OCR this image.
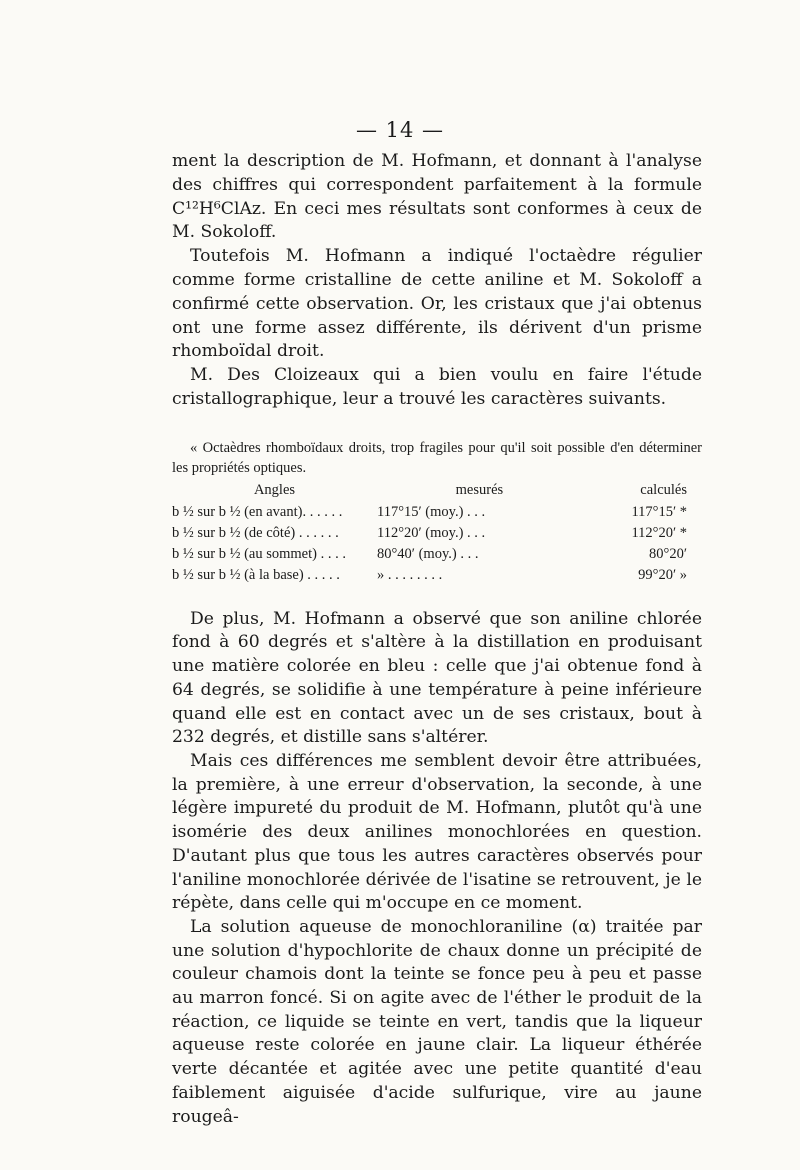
— 14 —

ment la description de M. Hofmann, et donnant à l'analyse des chiffres qui correspondent parfaitement à la formule C¹²H⁶ClAz. En ceci mes résultats sont conformes à ceux de M. Sokoloff.

Toutefois M. Hofmann a indiqué l'octaèdre régulier comme forme cristalline de cette aniline et M. Sokoloff a confirmé cette observation. Or, les cristaux que j'ai obtenus ont une forme assez différente, ils dérivent d'un prisme rhomboïdal droit.

M. Des Cloizeaux qui a bien voulu en faire l'étude cristallographique, leur a trouvé les caractères suivants.

« Octaèdres rhomboïdaux droits, trop fragiles pour qu'il soit possible d'en déterminer les propriétés optiques.

Angles	mesurés	calculés
b ½ sur b ½ (en avant). . . . . .	117°15′ (moy.) . . .	117°15′ *
b ½ sur b ½ (de côté) . . . . . .	112°20′ (moy.) . . .	112°20′ *
b ½ sur b ½ (au sommet) . . . .	80°40′ (moy.) . . .	80°20′
b ½ sur b ½ (à la base) . . . . .	» . . . . . . . .	99°20′ »

De plus, M. Hofmann a observé que son aniline chlorée fond à 60 degrés et s'altère à la distillation en produisant une matière colorée en bleu : celle que j'ai obtenue fond à 64 degrés, se solidifie à une température à peine inférieure quand elle est en contact avec un de ses cristaux, bout à 232 degrés, et distille sans s'altérer.

Mais ces différences me semblent devoir être attribuées, la première, à une erreur d'observation, la seconde, à une légère impureté du produit de M. Hofmann, plutôt qu'à une isomérie des deux anilines monochlorées en question. D'autant plus que tous les autres caractères observés pour l'aniline monochlorée dérivée de l'isatine se retrouvent, je le répète, dans celle qui m'occupe en ce moment.

La solution aqueuse de monochloraniline (α) traitée par une solution d'hypochlorite de chaux donne un précipité de couleur chamois dont la teinte se fonce peu à peu et passe au marron foncé. Si on agite avec de l'éther le produit de la réaction, ce liquide se teinte en vert, tandis que la liqueur aqueuse reste colorée en jaune clair. La liqueur éthérée verte décantée et agitée avec une petite quantité d'eau faiblement aiguisée d'acide sulfurique, vire au jaune rougeâ-
